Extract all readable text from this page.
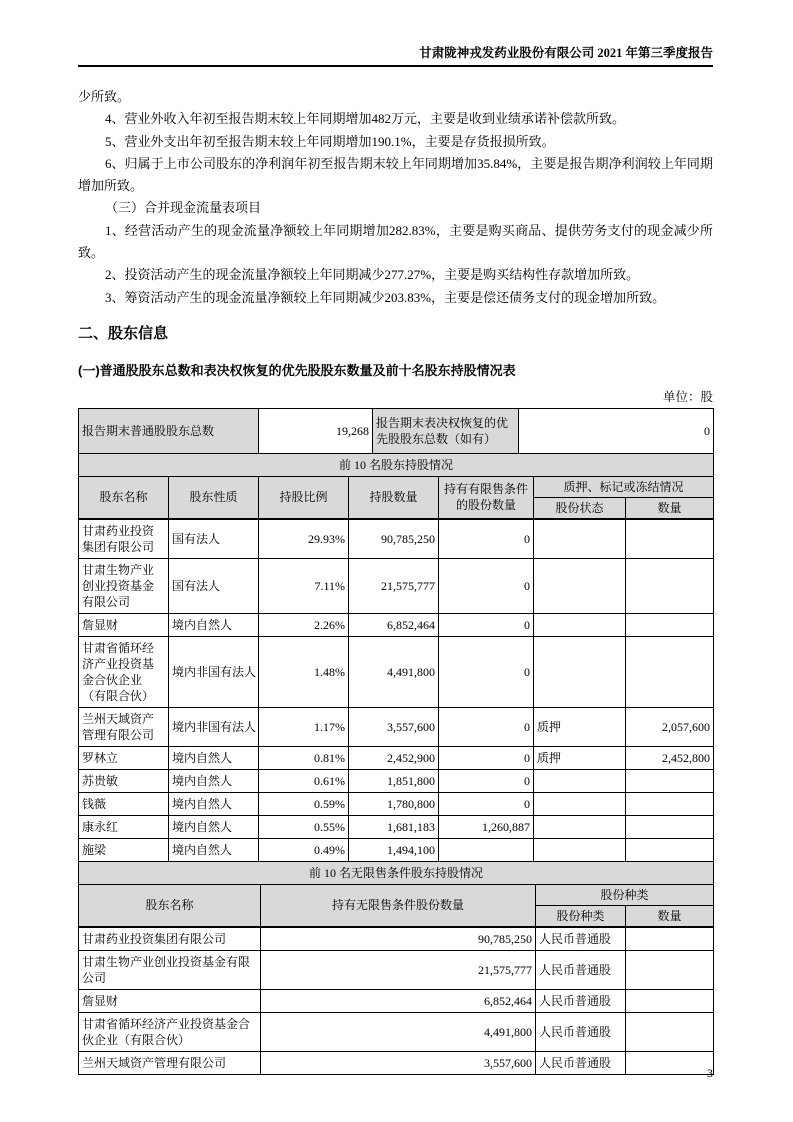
甘肃陇神戎发药业股份有限公司 2021 年第三季度报告

少所致。

4、营业外收入年初至报告期末较上年同期增加482万元，主要是收到业绩承诺补偿款所致。

5、营业外支出年初至报告期末较上年同期增加190.1%，主要是存货报损所致。

6、归属于上市公司股东的净利润年初至报告期末较上年同期增加35.84%，主要是报告期净利润较上年同期增加所致。

（三）合并现金流量表项目

1、经营活动产生的现金流量净额较上年同期增加282.83%，主要是购买商品、提供劳务支付的现金减少所致。

2、投资活动产生的现金流量净额较上年同期减少277.27%，主要是购买结构性存款增加所致。

3、筹资活动产生的现金流量净额较上年同期减少203.83%，主要是偿还债务支付的现金增加所致。

二、股东信息
(一)普通股股东总数和表决权恢复的优先股股东数量及前十名股东持股情况表
单位：股
报告期末普通股股东总数	19,268	报告期末表决权恢复的优先股股东总数（如有）	0
前 10 名股东持股情况						
股东名称	股东性质	持股比例	持股数量	持有有限售条件的股份数量	质押、标记或冻结情况	
					股份状态	数量
甘肃药业投资集团有限公司	国有法人	29.93%	90,785,250	0		
甘肃生物产业创业投资基金有限公司	国有法人	7.11%	21,575,777	0		
詹显财	境内自然人	2.26%	6,852,464	0		
甘肃省循环经济产业投资基金合伙企业（有限合伙）	境内非国有法人	1.48%	4,491,800	0		
兰州天域资产管理有限公司	境内非国有法人	1.17%	3,557,600	0	质押	2,057,600
罗林立	境内自然人	0.81%	2,452,900	0	质押	2,452,800
苏贵敏	境内自然人	0.61%	1,851,800	0		
钱薇	境内自然人	0.59%	1,780,800	0		
康永红	境内自然人	0.55%	1,681,183	1,260,887		
施梁	境内自然人	0.49%	1,494,100			
前 10 名无限售条件股东持股情况			
股东名称	持有无限售条件股份数量	股份种类	
		股份种类	数量
甘肃药业投资集团有限公司	90,785,250	人民币普通股	
甘肃生物产业创业投资基金有限公司	21,575,777	人民币普通股	
詹显财	6,852,464	人民币普通股	
甘肃省循环经济产业投资基金合伙企业（有限合伙）	4,491,800	人民币普通股	
兰州天域资产管理有限公司	3,557,600	人民币普通股	
3
